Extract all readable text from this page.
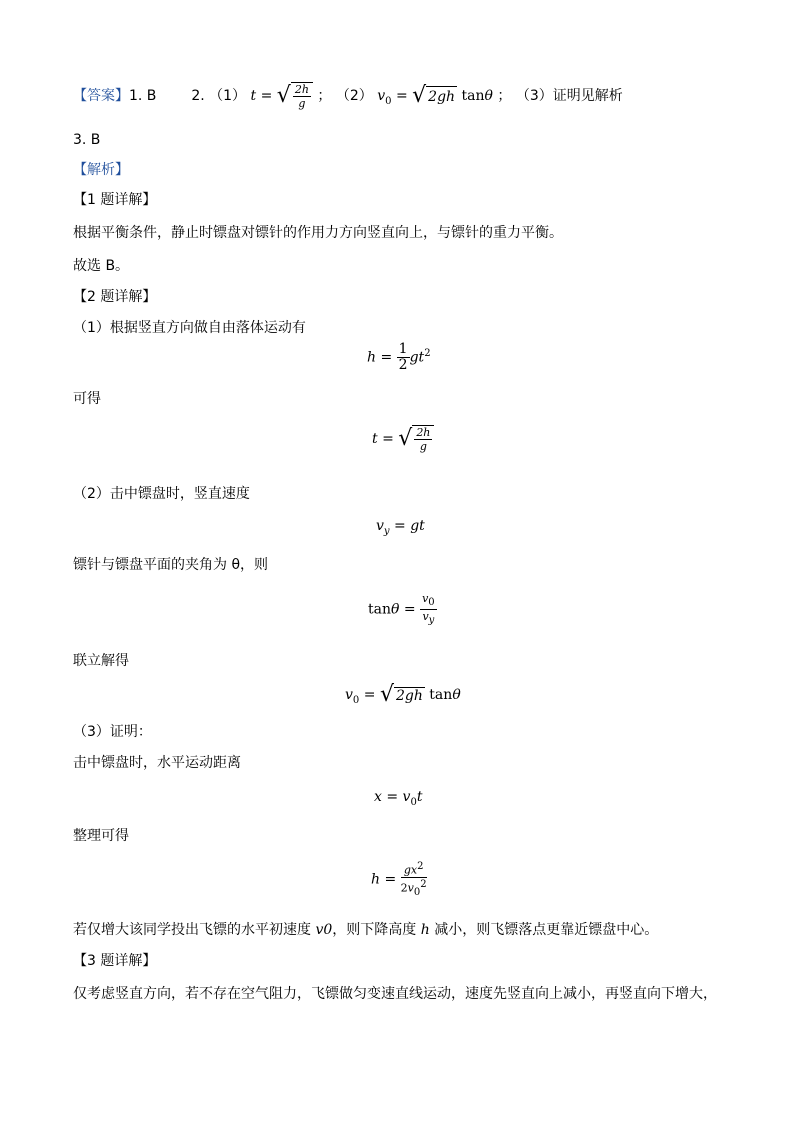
【答案】1. B 2. （1） t = √ $\frac{2h}{g}$ ； （2） $v_0$ = √ 2gh tanθ ； （3）证明见解析
3. B
【解析】
【1 题详解】
根据平衡条件，静止时镖盘对镖针的作用力方向竖直向上，与镖针的重力平衡。
故选 B。
【2 题详解】
（1）根据竖直方向做自由落体运动有
$h = \frac{1}{2} gt^2$
可得
t = √ $\frac{2h}{g}$
（2）击中镖盘时，竖直速度
$v_y$ = gt
镖针与镖盘平面的夹角为 θ，则
$\tan\theta = \frac{v_0}{v_y}$
联立解得
$v_0$ = √ 2gh tanθ
（3）证明：
击中镖盘时，水平运动距离
$x = v_0t$
整理可得
$h = \frac{gx^2}{2v_0^2}$
若仅增大该同学投出飞镖的水平初速度 v0，则下降高度 h 减小，则飞镖落点更靠近镖盘中心。
【3 题详解】
仅考虑竖直方向，若不存在空气阻力，飞镖做匀变速直线运动，速度先竖直向上减小，再竖直向下增大，
